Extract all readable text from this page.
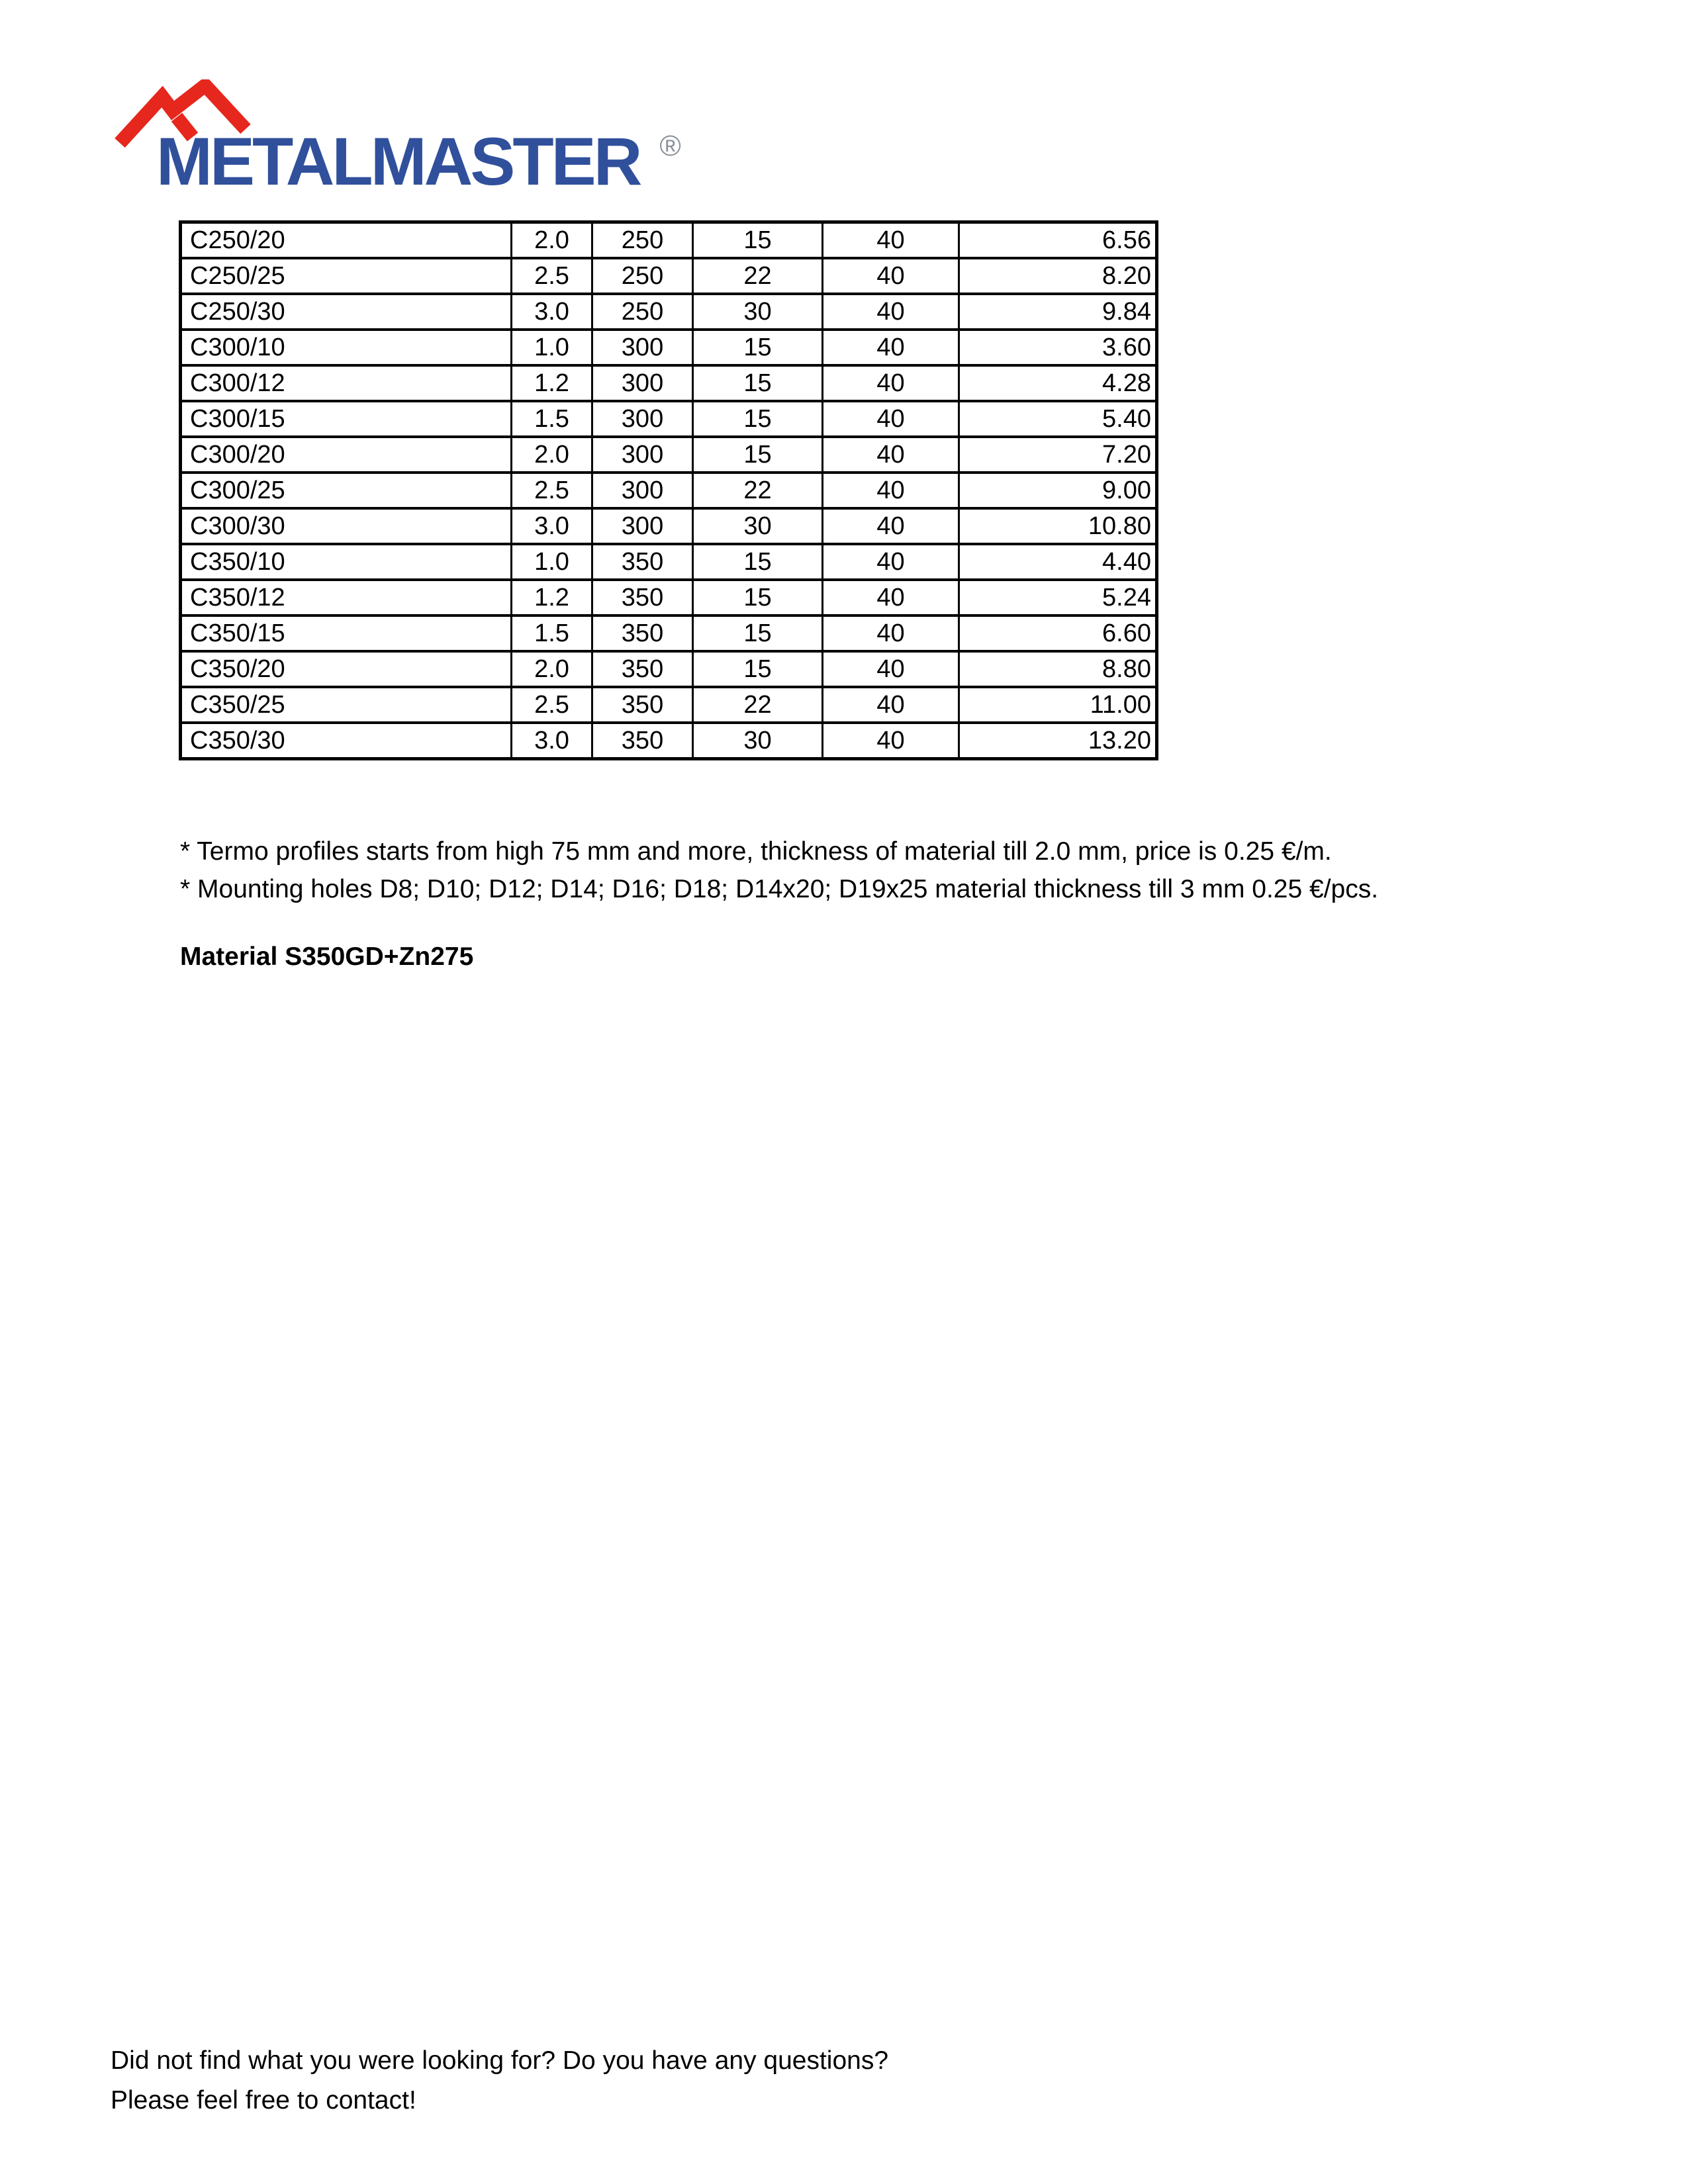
METALMASTER ®
C250/20	2.0	250	15	40	6.56
C250/25	2.5	250	22	40	8.20
C250/30	3.0	250	30	40	9.84
C300/10	1.0	300	15	40	3.60
C300/12	1.2	300	15	40	4.28
C300/15	1.5	300	15	40	5.40
C300/20	2.0	300	15	40	7.20
C300/25	2.5	300	22	40	9.00
C300/30	3.0	300	30	40	10.80
C350/10	1.0	350	15	40	4.40
C350/12	1.2	350	15	40	5.24
C350/15	1.5	350	15	40	6.60
C350/20	2.0	350	15	40	8.80
C350/25	2.5	350	22	40	11.00
C350/30	3.0	350	30	40	13.20
* Termo profiles starts from high 75 mm and more, thickness of material till 2.0 mm, price is 0.25 €/m.
* Mounting holes D8; D10; D12; D14; D16; D18; D14x20; D19x25 material thickness till 3 mm 0.25 €/pcs.
Material S350GD+Zn275
Did not find what you were looking for? Do you have any questions?
Please feel free to contact!
